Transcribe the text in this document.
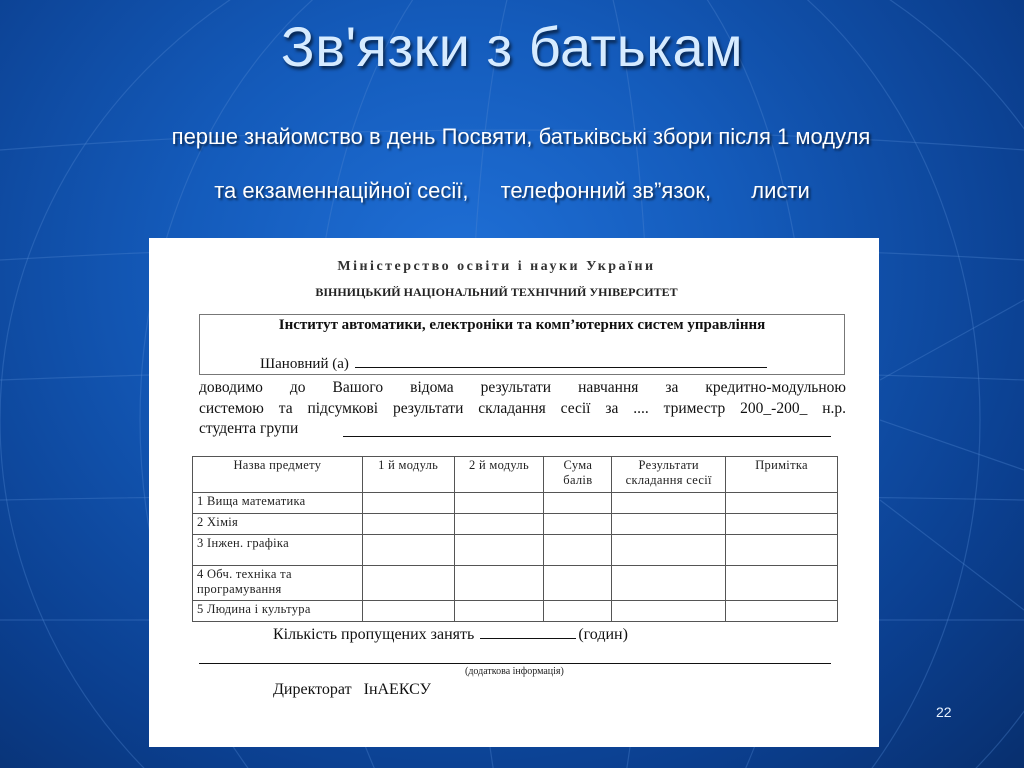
Зв'язки з батькам
перше знайомство в день Посвяти, батьківські збори після 1 модуля
та екзаменнаційної сесії, телефонний зв”язок, листи
Міністерство освіти і науки України
ВІННИЦЬКИЙ НАЦІОНАЛЬНИЙ ТЕХНІЧНИЙ УНІВЕРСИТЕТ
Інститут автоматики, електроніки та комп’ютерних систем управління
Шановний (а)

доводимо до Вашого відома результати навчання за кредитно-модульною

системою та підсумкові результати складання сесії за .... триместр 200_-200_ н.р.

студента групи
Назва предмету	1 й модуль	2 й модуль	Сума балів	Результати складання сесії	Примітка
1 Вища математика					
2 Хімія					
3 Інжен. графіка					
4 Обч. техніка та програмування					
5 Людина і культура					
Кількість пропущених занять	(годин)
(додаткова інформація)
Директорат ІнАЕКСУ
22
